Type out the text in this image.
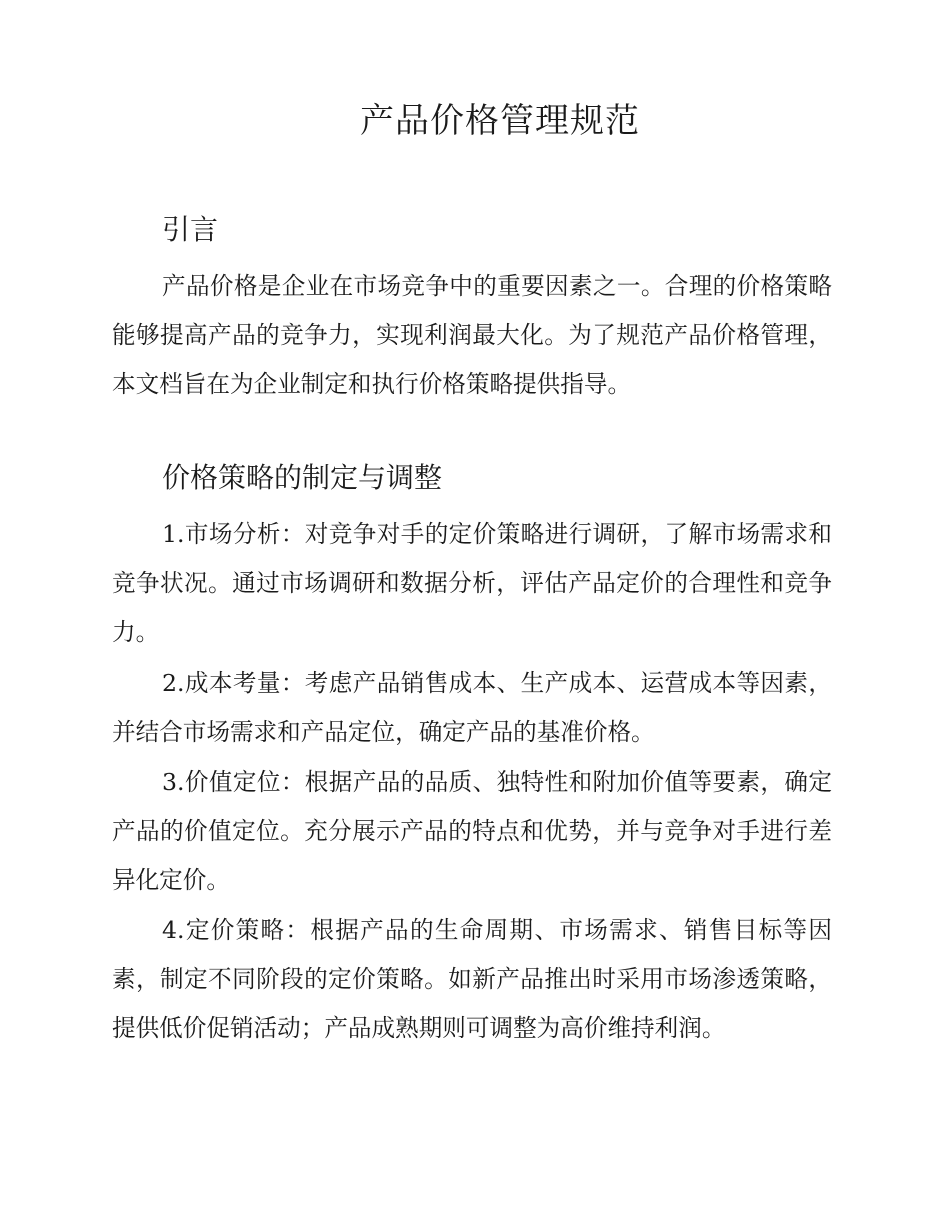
产品价格管理规范
引言

产品价格是企业在市场竞争中的重要因素之一。合理的价格策略能够提高产品的竞争力，实现利润最大化。为了规范产品价格管理，本文档旨在为企业制定和执行价格策略提供指导。

价格策略的制定与调整

1.市场分析：对竞争对手的定价策略进行调研，了解市场需求和竞争状况。通过市场调研和数据分析，评估产品定价的合理性和竞争力。

2.成本考量：考虑产品销售成本、生产成本、运营成本等因素，并结合市场需求和产品定位，确定产品的基准价格。

3.价值定位：根据产品的品质、独特性和附加价值等要素，确定产品的价值定位。充分展示产品的特点和优势，并与竞争对手进行差异化定价。

4.定价策略：根据产品的生命周期、市场需求、销售目标等因素，制定不同阶段的定价策略。如新产品推出时采用市场渗透策略，提供低价促销活动；产品成熟期则可调整为高价维持利润。
